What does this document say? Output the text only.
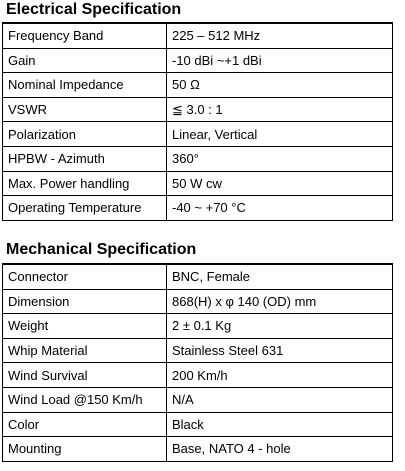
Electrical Specification
Frequency Band	225 – 512 MHz
Gain	-10 dBi ~+1 dBi
Nominal Impedance	50 Ω
VSWR	≦ 3.0 : 1
Polarization	Linear, Vertical
HPBW - Azimuth	360°
Max. Power handling	50 W cw
Operating Temperature	-40 ~ +70 °C
Mechanical Specification
Connector	BNC, Female
Dimension	868(H) x φ 140 (OD) mm
Weight	2 ± 0.1 Kg
Whip Material	Stainless Steel 631
Wind Survival	200 Km/h
Wind Load @150 Km/h	N/A
Color	Black
Mounting	Base, NATO 4 - hole
